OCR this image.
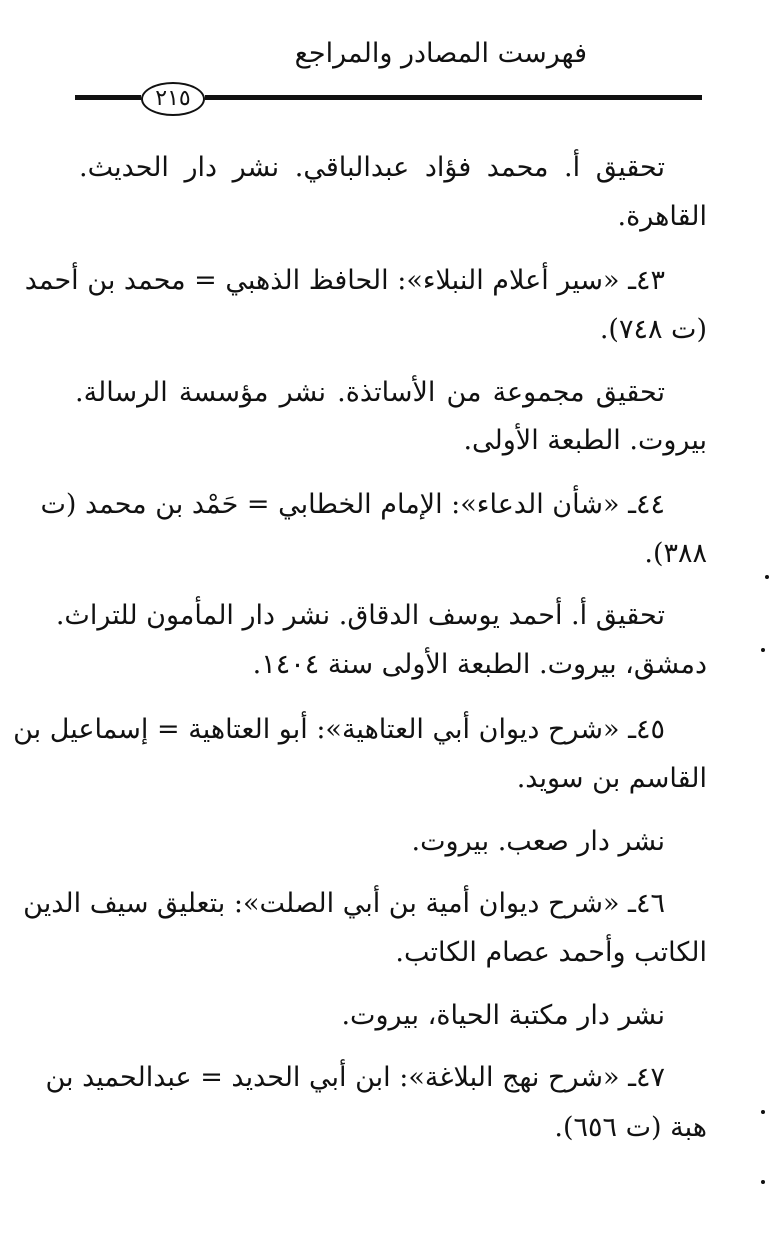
فهرست المصادر والمراجع
٢١٥
تحقيق أ. محمد فؤاد عبدالباقي. نشر دار الحديث.
القاهرة.
٤٣ـ «سير أعلام النبلاء»: الحافظ الذهبي = محمد بن أحمد
(ت ٧٤٨).
تحقيق مجموعة من الأساتذة. نشر مؤسسة الرسالة.
بيروت. الطبعة الأولى.
٤٤ـ «شأن الدعاء»: الإمام الخطابي = حَمْد بن محمد (ت
٣٨٨).
تحقيق أ. أحمد يوسف الدقاق. نشر دار المأمون للتراث.
دمشق، بيروت. الطبعة الأولى سنة ١٤٠٤.
٤٥ـ «شرح ديوان أبي العتاهية»: أبو العتاهية = إسماعيل بن
القاسم بن سويد.
نشر دار صعب. بيروت.
٤٦ـ «شرح ديوان أمية بن أبي الصلت»: بتعليق سيف الدين
الكاتب وأحمد عصام الكاتب.
نشر دار مكتبة الحياة، بيروت.
٤٧ـ «شرح نهج البلاغة»: ابن أبي الحديد = عبدالحميد بن
هبة (ت ٦٥٦).
